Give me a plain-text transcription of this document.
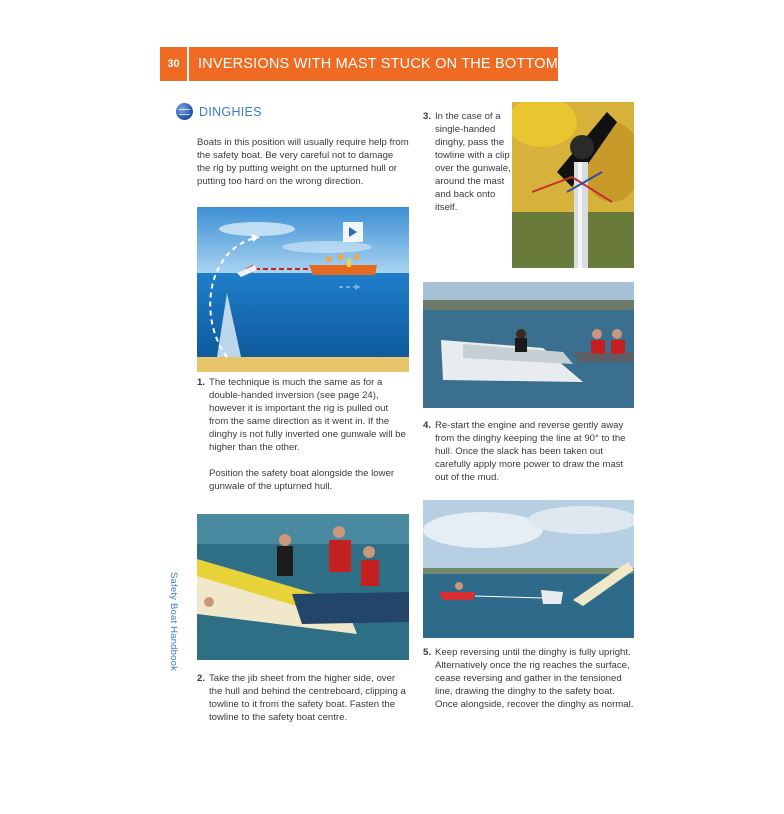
30	INVERSIONS WITH MAST STUCK ON THE BOTTOM
DINGHIES

Boats in this position will usually require help from the safety boat. Be very careful not to damage the rig by putting weight on the upturned hull or putting too hard on the wrong direction.

1. The technique is much the same as for a double-handed inversion (see page 24), however it is important the rig is pulled out from the same direction as it went in. If the dinghy is not fully inverted one gunwale will be higher than the other.

Position the safety boat alongside the lower gunwale of the upturned hull.

2. Take the jib sheet from the higher side, over the hull and behind the centreboard, clipping a towline to it from the safety boat. Fasten the towline to the safety boat centre.

3. In the case of a single-handed dinghy, pass the towline with a clip over the gunwale, around the mast and back onto itself.

4. Re-start the engine and reverse gently away from the dinghy keeping the line at 90° to the hull. Once the slack has been taken out carefully apply more power to draw the mast out of the mud.

5. Keep reversing until the dinghy is fully upright. Alternatively once the rig reaches the surface, cease reversing and gather in the tensioned line, drawing the dinghy to the safety boat. Once alongside, recover the dinghy as normal.

Safety Boat Handbook
